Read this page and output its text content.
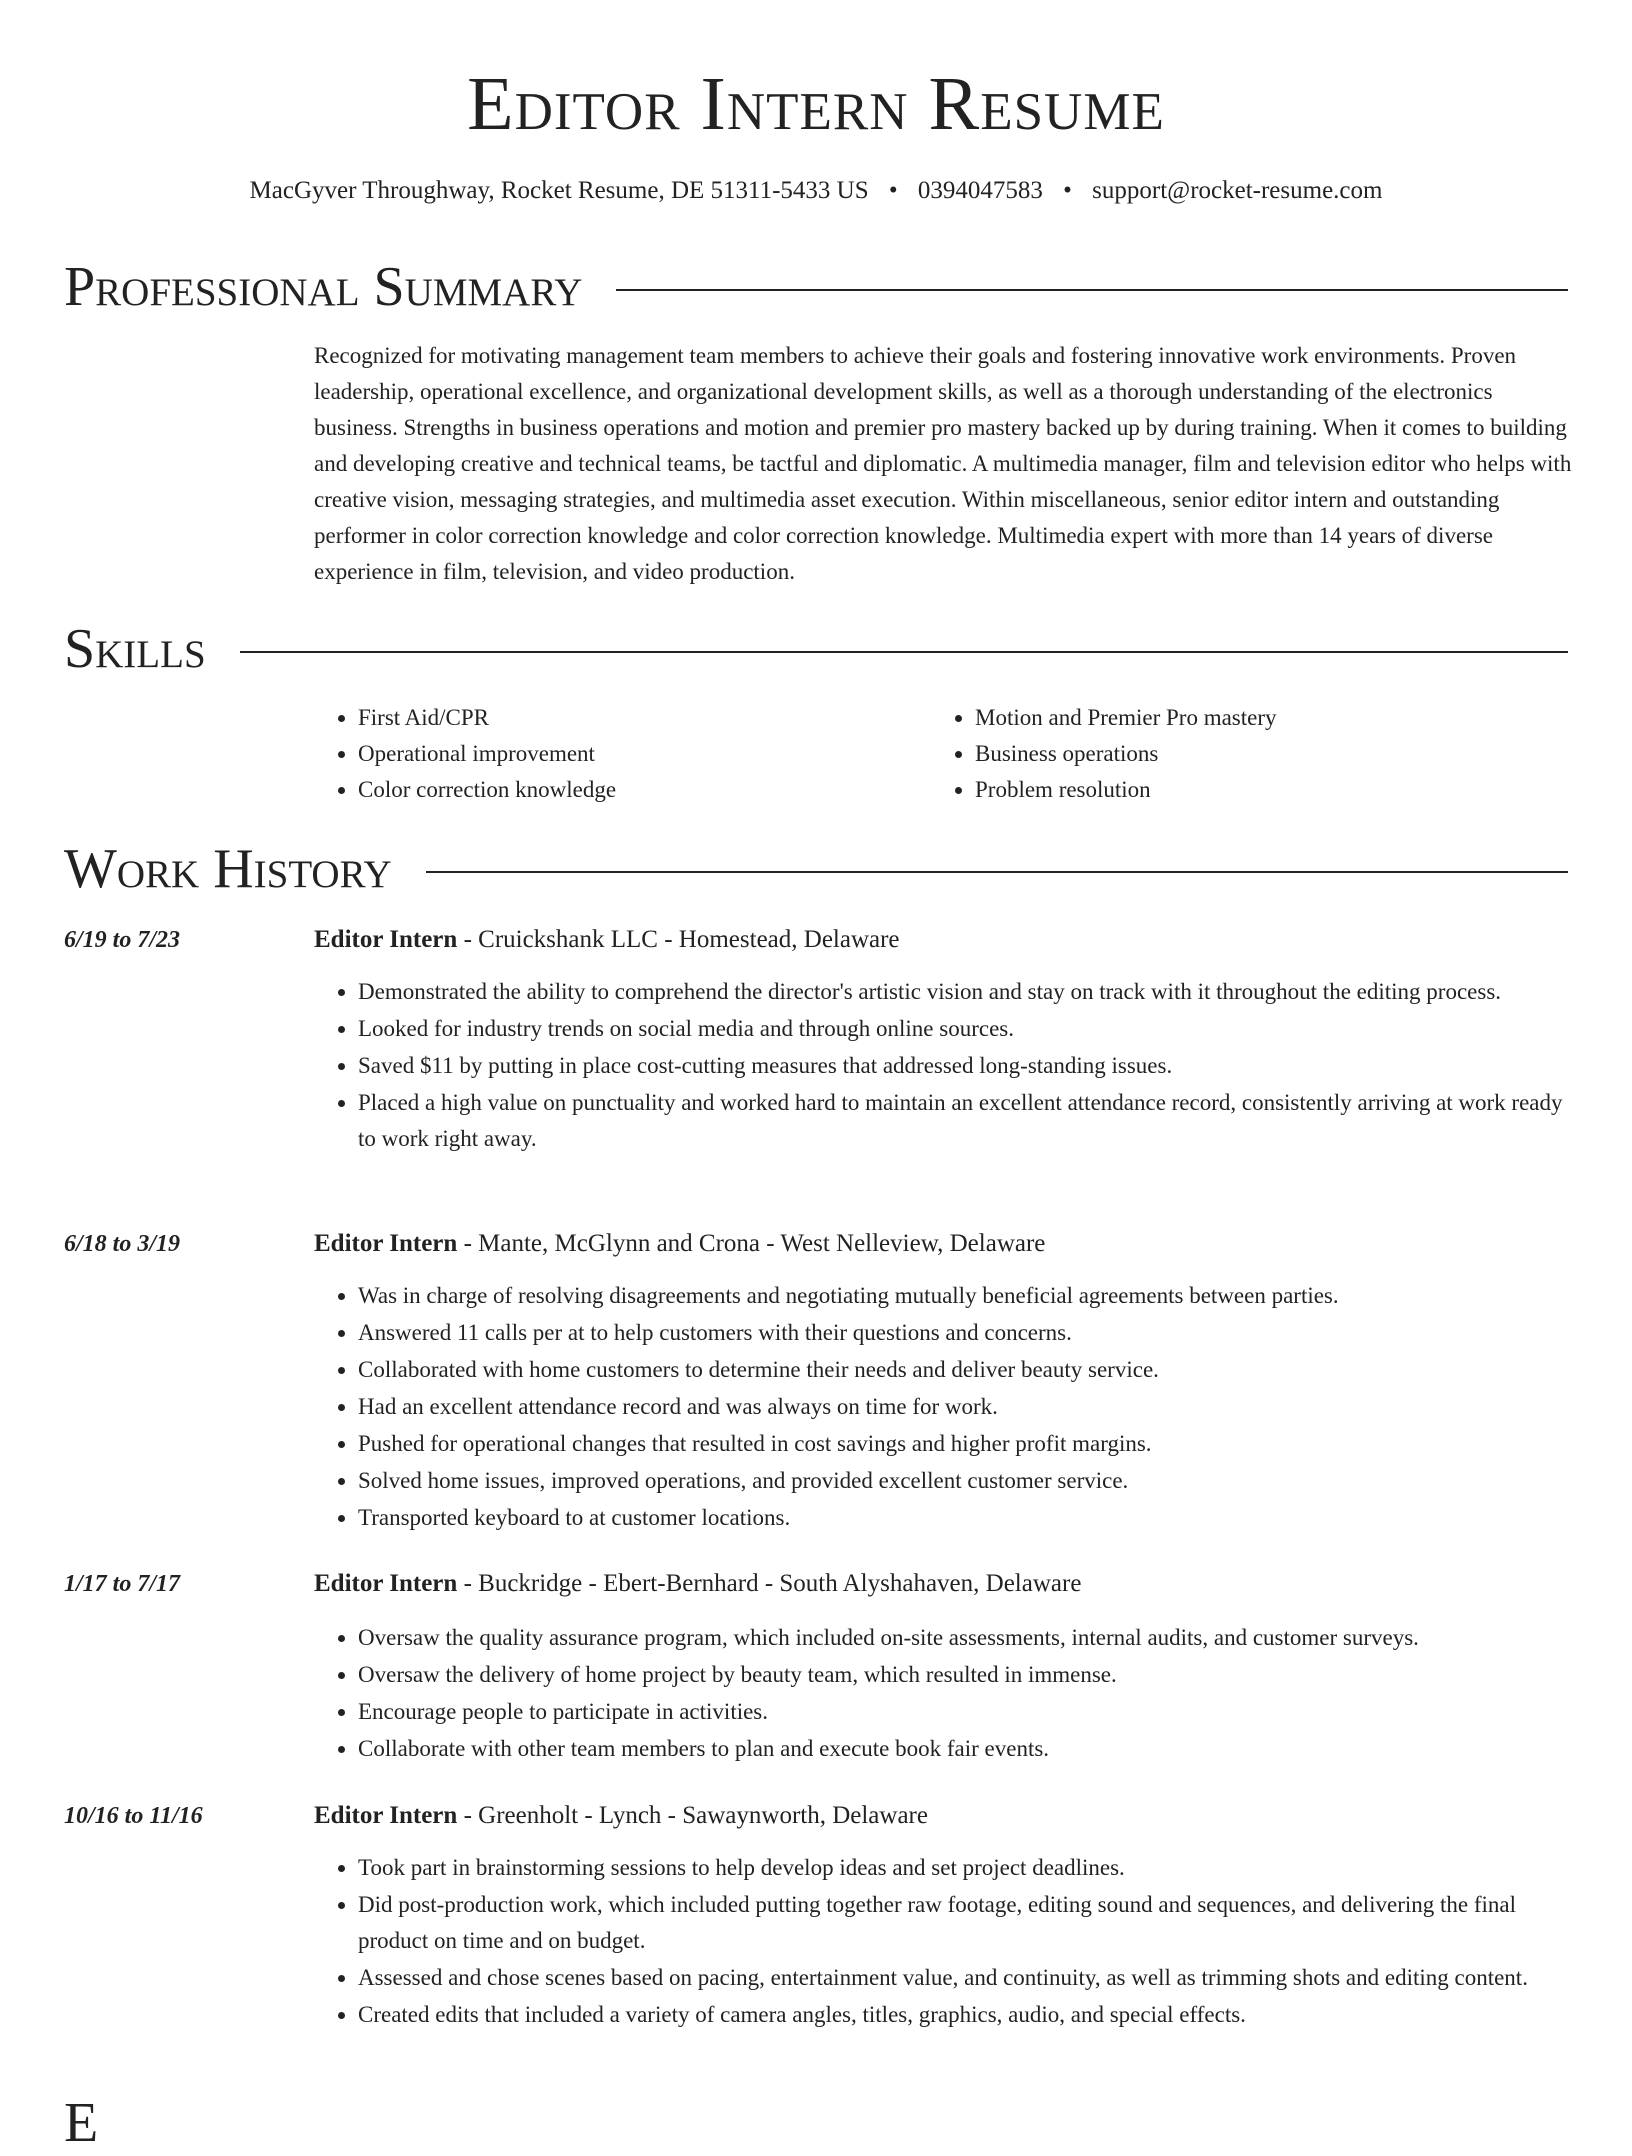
Editor Intern Resume
MacGyver Throughway, Rocket Resume, DE 51311-5433 US • 0394047583 • support@rocket-resume.com
Professional Summary

Recognized for motivating management team members to achieve their goals and fostering innovative work environments. Proven leadership, operational excellence, and organizational development skills, as well as a thorough understanding of the electronics business. Strengths in business operations and motion and premier pro mastery backed up by during training. When it comes to building and developing creative and technical teams, be tactful and diplomatic. A multimedia manager, film and television editor who helps with creative vision, messaging strategies, and multimedia asset execution. Within miscellaneous, senior editor intern and outstanding performer in color correction knowledge and color correction knowledge. Multimedia expert with more than 14 years of diverse experience in film, television, and video production.

Skills
• First Aid/CPR
• Operational improvement
• Color correction knowledge
• Motion and Premier Pro mastery
• Business operations
• Problem resolution
Work History
6/19 to 7/23	Editor Intern - Cruickshank LLC - Homestead, Delaware
• Demonstrated the ability to comprehend the director's artistic vision and stay on track with it throughout the editing process.
• Looked for industry trends on social media and through online sources.
• Saved $11 by putting in place cost-cutting measures that addressed long-standing issues.
• Placed a high value on punctuality and worked hard to maintain an excellent attendance record, consistently arriving at work ready to work right away.
6/18 to 3/19	Editor Intern - Mante, McGlynn and Crona - West Nelleview, Delaware
• Was in charge of resolving disagreements and negotiating mutually beneficial agreements between parties.
• Answered 11 calls per at to help customers with their questions and concerns.
• Collaborated with home customers to determine their needs and deliver beauty service.
• Had an excellent attendance record and was always on time for work.
• Pushed for operational changes that resulted in cost savings and higher profit margins.
• Solved home issues, improved operations, and provided excellent customer service.
• Transported keyboard to at customer locations.
1/17 to 7/17	Editor Intern - Buckridge - Ebert-Bernhard - South Alyshahaven, Delaware
• Oversaw the quality assurance program, which included on-site assessments, internal audits, and customer surveys.
• Oversaw the delivery of home project by beauty team, which resulted in immense.
• Encourage people to participate in activities.
• Collaborate with other team members to plan and execute book fair events.
10/16 to 11/16	Editor Intern - Greenholt - Lynch - Sawaynworth, Delaware
• Took part in brainstorming sessions to help develop ideas and set project deadlines.
• Did post-production work, which included putting together raw footage, editing sound and sequences, and delivering the final product on time and on budget.
• Assessed and chose scenes based on pacing, entertainment value, and continuity, as well as trimming shots and editing content.
• Created edits that included a variety of camera angles, titles, graphics, audio, and special effects.
E
